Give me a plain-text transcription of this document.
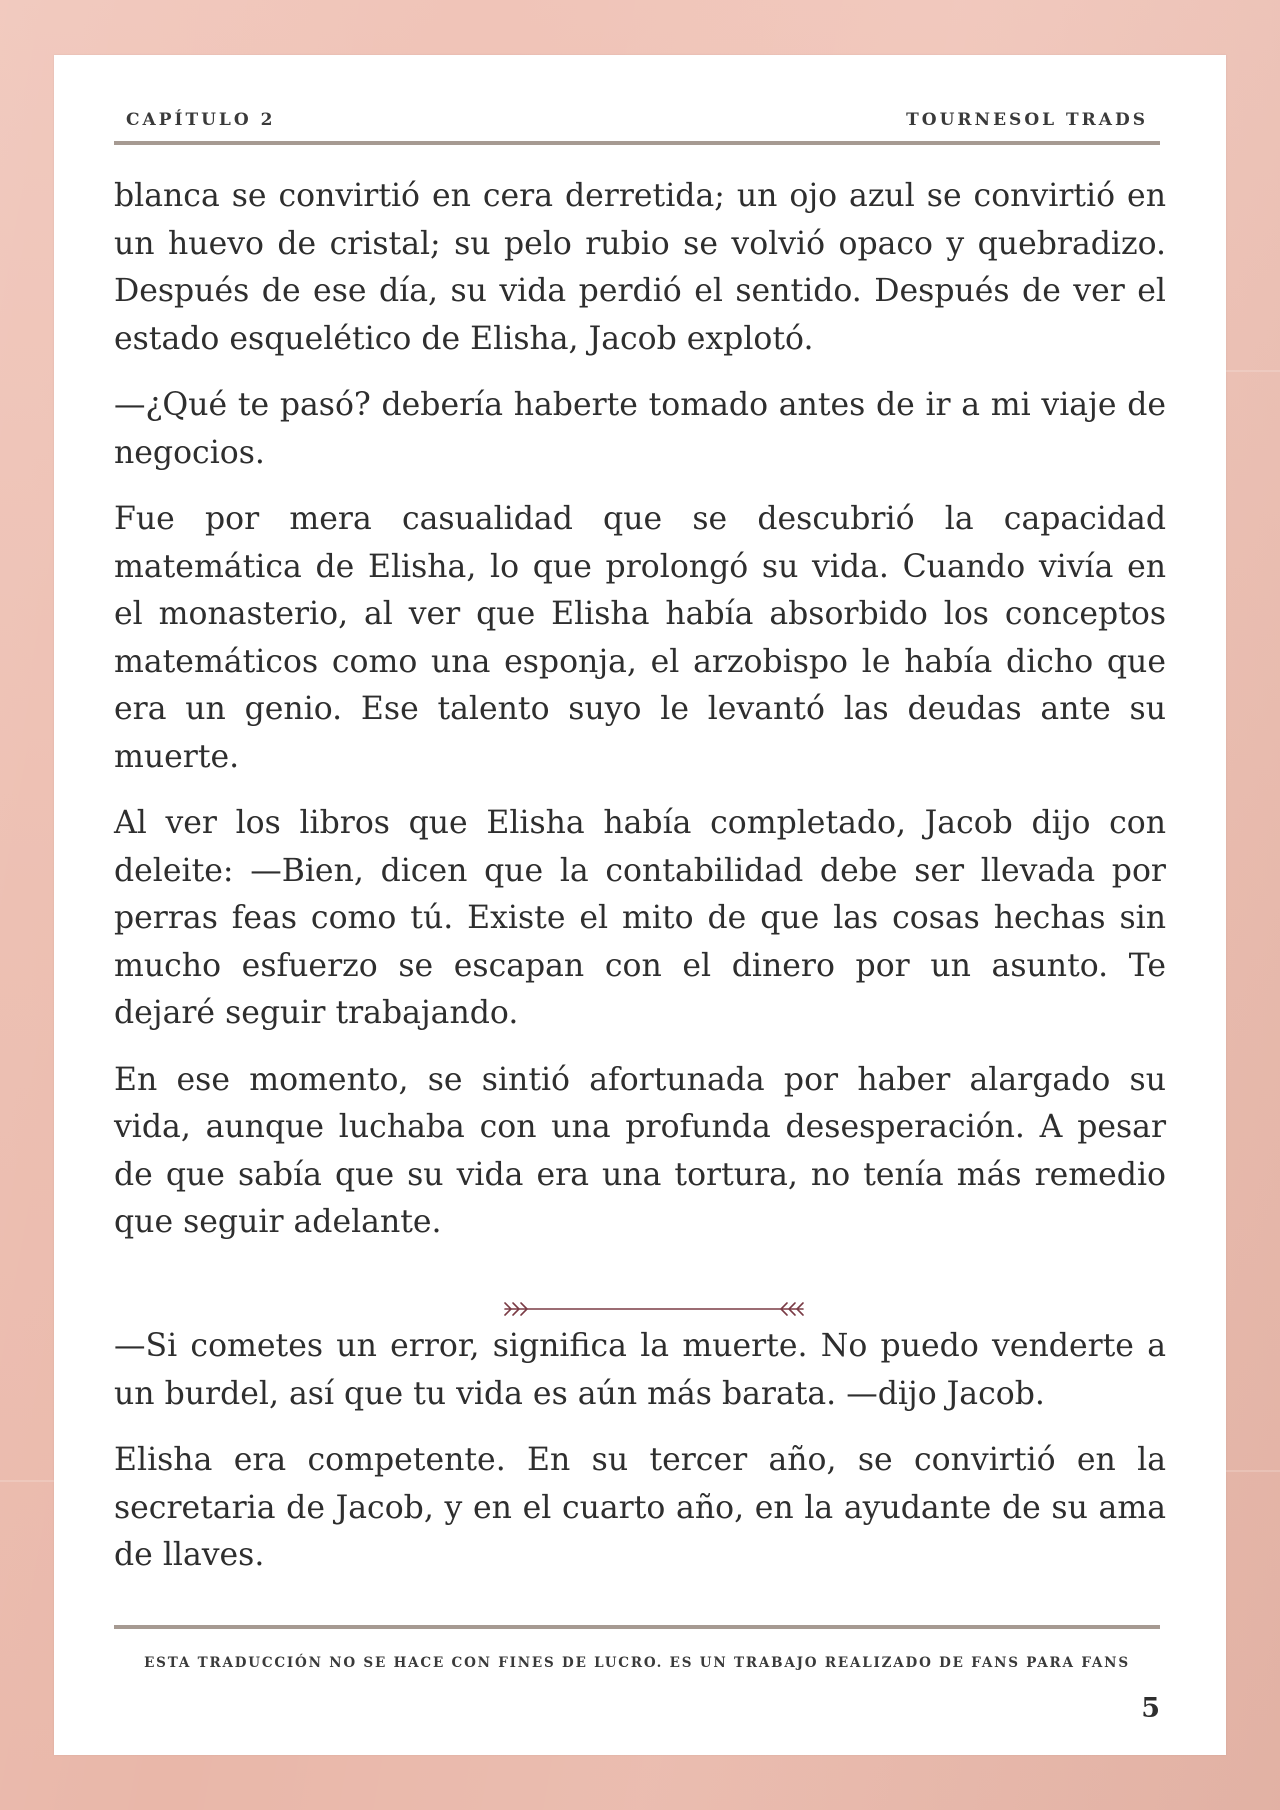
CAPÍTULO 2	TOURNESOL TRADS

blanca se convirtió en cera derretida; un ojo azul se convirtió en un huevo de cristal; su pelo rubio se volvió opaco y quebradizo. Después de ese día, su vida perdió el sentido. Después de ver el estado esquelético de Elisha, Jacob explotó.

—¿Qué te pasó? debería haberte tomado antes de ir a mi viaje de negocios.

Fue por mera casualidad que se descubrió la capacidad matemática de Elisha, lo que prolongó su vida. Cuando vivía en el monasterio, al ver que Elisha había absorbido los conceptos matemáticos como una esponja, el arzobispo le había dicho que era un genio. Ese talento suyo le levantó las deudas ante su muerte.

Al ver los libros que Elisha había completado, Jacob dijo con deleite: —Bien, dicen que la contabilidad debe ser llevada por perras feas como tú. Existe el mito de que las cosas hechas sin mucho esfuerzo se escapan con el dinero por un asunto. Te dejaré seguir trabajando.

En ese momento, se sintió afortunada por haber alargado su vida, aunque luchaba con una profunda desesperación. A pesar de que sabía que su vida era una tortura, no tenía más remedio que seguir adelante.

—Si cometes un error, significa la muerte. No puedo venderte a un burdel, así que tu vida es aún más barata. —dijo Jacob.

Elisha era competente. En su tercer año, se convirtió en la secretaria de Jacob, y en el cuarto año, en la ayudante de su ama de llaves.

ESTA TRADUCCIÓN NO SE HACE CON FINES DE LUCRO. ES UN TRABAJO REALIZADO DE FANS PARA FANS
5
